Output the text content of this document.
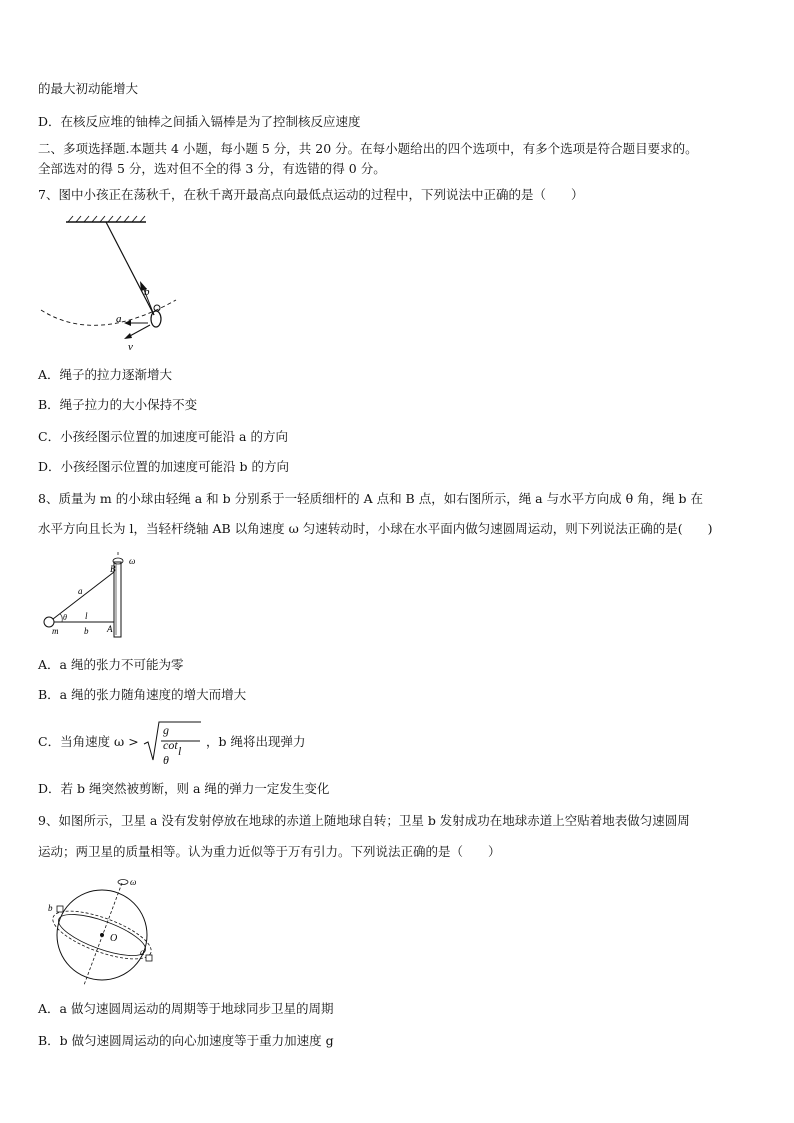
的最大初动能增大
D．在核反应堆的铀棒之间插入镉棒是为了控制核反应速度
二、多项选择题.本题共 4 小题，每小题 5 分，共 20 分。在每小题给出的四个选项中，有多个选项是符合题目要求的。
全部选对的得 5 分，选对但不全的得 3 分，有选错的得 0 分。
7、图中小孩正在荡秋千，在秋千离开最高点向最低点运动的过程中，下列说法中正确的是（　　）
b
a
v
A．绳子的拉力逐渐增大
B．绳子拉力的大小保持不变
C．小孩经图示位置的加速度可能沿 a 的方向
D．小孩经图示位置的加速度可能沿 b 的方向
8、质量为 m 的小球由轻绳 a 和 b 分别系于一轻质细杆的 A 点和 B 点，如右图所示，绳 a 与水平方向成 θ 角，绳 b 在
水平方向且长为 l，当轻杆绕轴 AB 以角速度 ω 匀速转动时，小球在水平面内做匀速圆周运动，则下列说法正确的是(　　)
B
A
a
b
l
m
θ
ω
A．a 绳的张力不可能为零
B．a 绳的张力随角速度的增大而增大
C．当角速度 ω >
g cot θ
l
，b 绳将出现弹力
D．若 b 绳突然被剪断，则 a 绳的弹力一定发生变化
9、如图所示，卫星 a 没有发射停放在地球的赤道上随地球自转；卫星 b 发射成功在地球赤道上空贴着地表做匀速圆周
运动；两卫星的质量相等。认为重力近似等于万有引力。下列说法正确的是（　　）
b
a
O
ω
A．a 做匀速圆周运动的周期等于地球同步卫星的周期
B．b 做匀速圆周运动的向心加速度等于重力加速度 g
